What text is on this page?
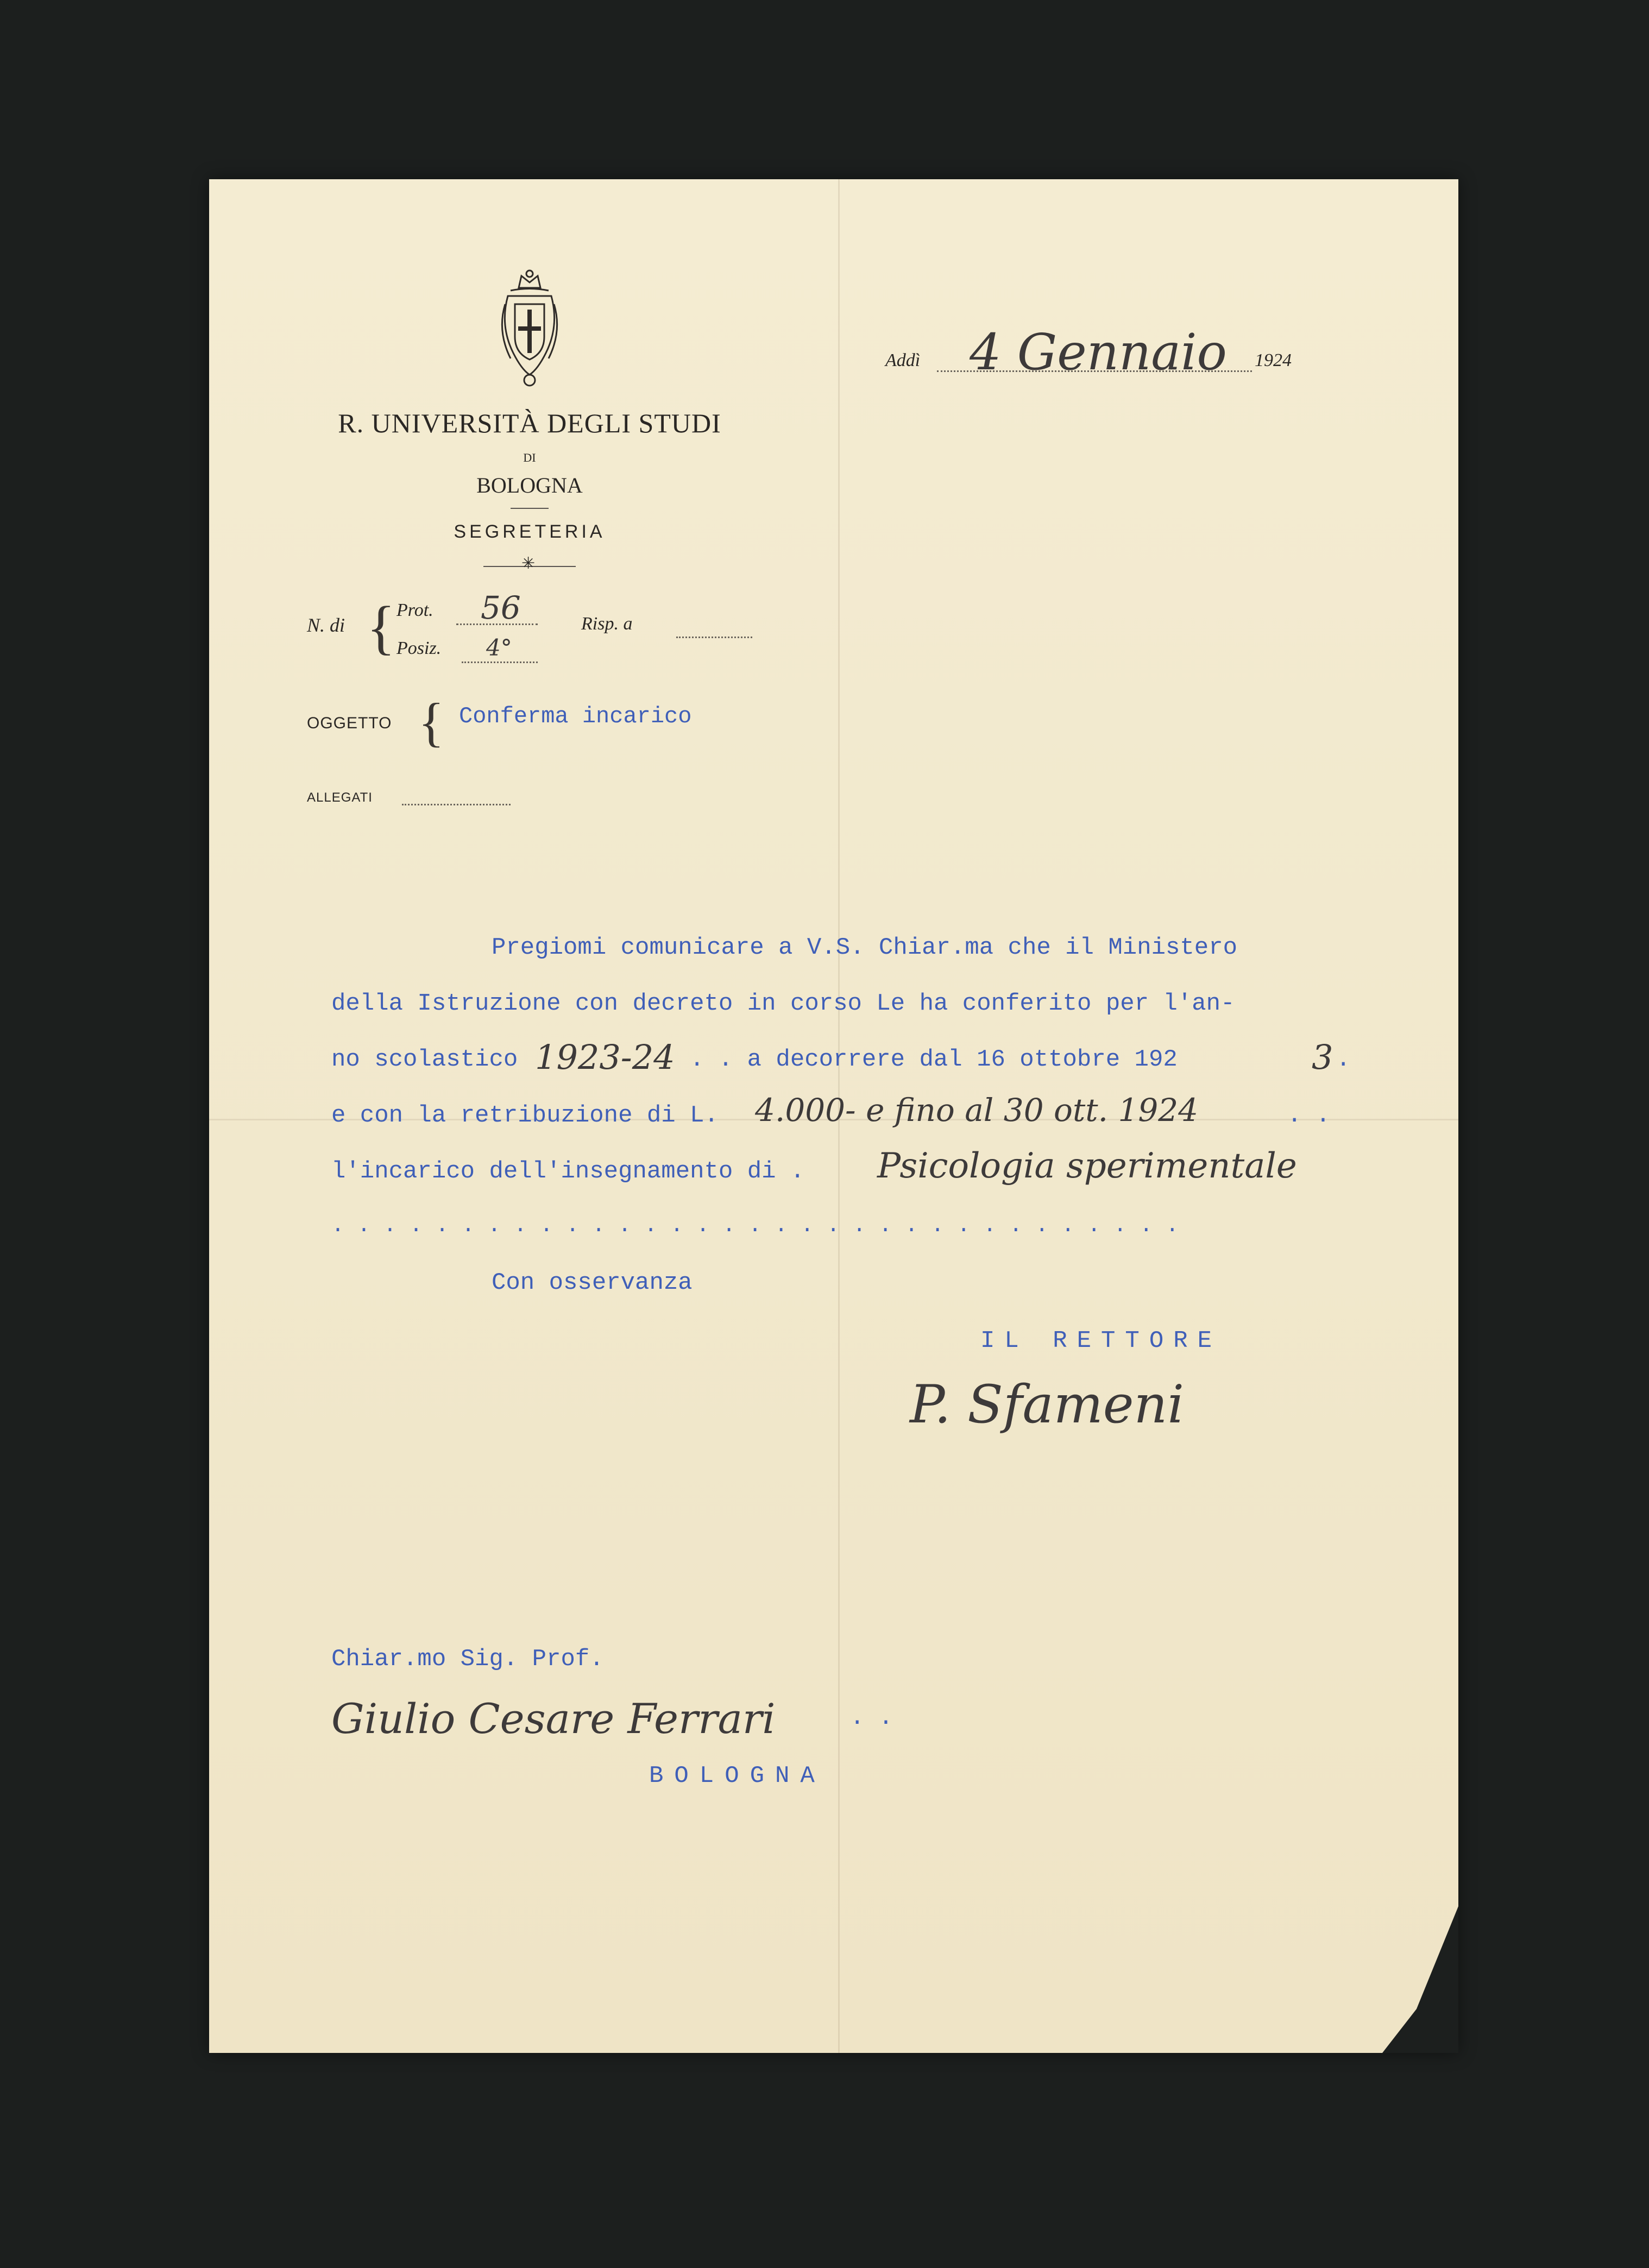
R. UNIVERSITÀ DEGLI STUDI
DI
BOLOGNA
SEGRETERIA
✳
N. di { Prot. 56
Posiz. 4°
Risp. a
OGGETTO { Conferma incarico
ALLEGATI
Addì 4 Gennaio 1924
Pregiomi comunicare a V.S. Chiar.ma che il Ministero
della Istruzione con decreto in corso Le ha conferito per l'an-
no scolastico 1923-24 . . a decorrere dal 16 ottobre 192	3 .
e con la retribuzione di L. 4.000- e fino al 30 ott. 1924	. .
l'incarico dell'insegnamento di . Psicologia sperimentale
. . . . . . . . . . . . . . . . . . . . . . . . . . . . . . . . .
Con osservanza
IL RETTORE
P. Sfameni
Chiar.mo Sig. Prof.
Giulio Cesare Ferrari	. .
BOLOGNA
